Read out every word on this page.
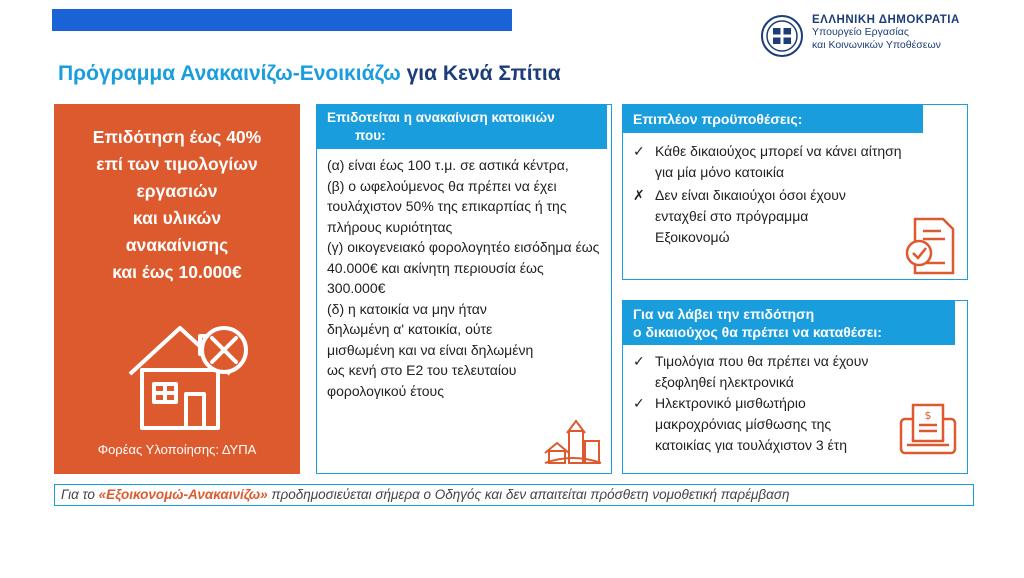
ΕΛΛΗΝΙΚΗ ΔΗΜΟΚΡΑΤΙΑ
Υπουργείο Εργασίας
και Κοινωνικών Υποθέσεων
Πρόγραμμα Ανακαινίζω-Ενοικιάζω για Κενά Σπίτια
Επιδότηση έως 40%
επί των τιμολογίων
εργασιών
και υλικών
ανακαίνισης
και έως 10.000€
Φορέας Υλοποίησης: ΔΥΠΑ
Επιδοτείται η ανακαίνιση κατοικιών
που:

(α) είναι έως 100 τ.μ. σε αστικά κέντρα,

(β) ο ωφελούμενος θα πρέπει να έχει τουλάχιστον 50% της επικαρπίας ή της πλήρους κυριότητας

(γ) οικογενειακό φορολογητέο εισόδημα έως 40.000€ και ακίνητη περιουσία έως 300.000€

(δ) η κατοικία να μην ήταν δηλωμένη α' κατοικία, ούτε μισθωμένη και να είναι δηλωμένη ως κενή στο Ε2 του τελευταίου φορολογικού έτους

Επιπλέον προϋποθέσεις:
✓ Κάθε δικαιούχος μπορεί να κάνει αίτηση για μία μόνο κατοικία
✗ Δεν είναι δικαιούχοι όσοι έχουν ενταχθεί στο πρόγραμμα Εξοικονομώ
Για να λάβει την επιδότηση
ο δικαιούχος θα πρέπει να καταθέσει:
✓ Τιμολόγια που θα πρέπει να έχουν εξοφληθεί ηλεκτρονικά
✓ Ηλεκτρονικό μισθωτήριο μακροχρόνιας μίσθωσης της κατοικίας για τουλάχιστον 3 έτη
$
Για το «Εξοικονομώ-Ανακαινίζω» προδημοσιεύεται σήμερα ο Οδηγός και δεν απαιτείται πρόσθετη νομοθετική παρέμβαση
